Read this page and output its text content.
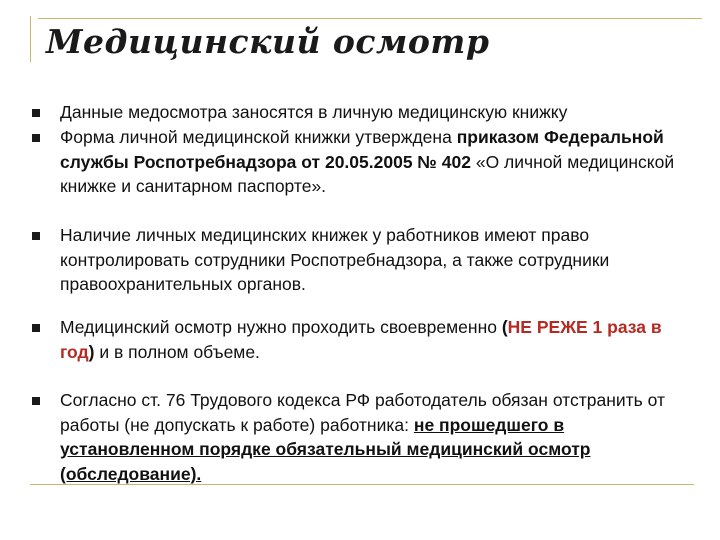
Медицинский осмотр
Данные медосмотра заносятся в личную медицинскую книжку
Форма личной медицинской книжки утверждена приказом Федеральной службы Роспотребнадзора от 20.05.2005 № 402 «О личной медицинской книжке и санитарном паспорте».
Наличие личных медицинских книжек у работников имеют право контролировать сотрудники Роспотребнадзора, а также сотрудники правоохранительных органов.
Медицинский осмотр нужно проходить своевременно (НЕ РЕЖЕ 1 раза в год) и в полном объеме.
Согласно ст. 76 Трудового кодекса РФ работодатель обязан отстранить от работы (не допускать к работе) работника: не прошедшего в установленном порядке обязательный медицинский осмотр (обследование).
